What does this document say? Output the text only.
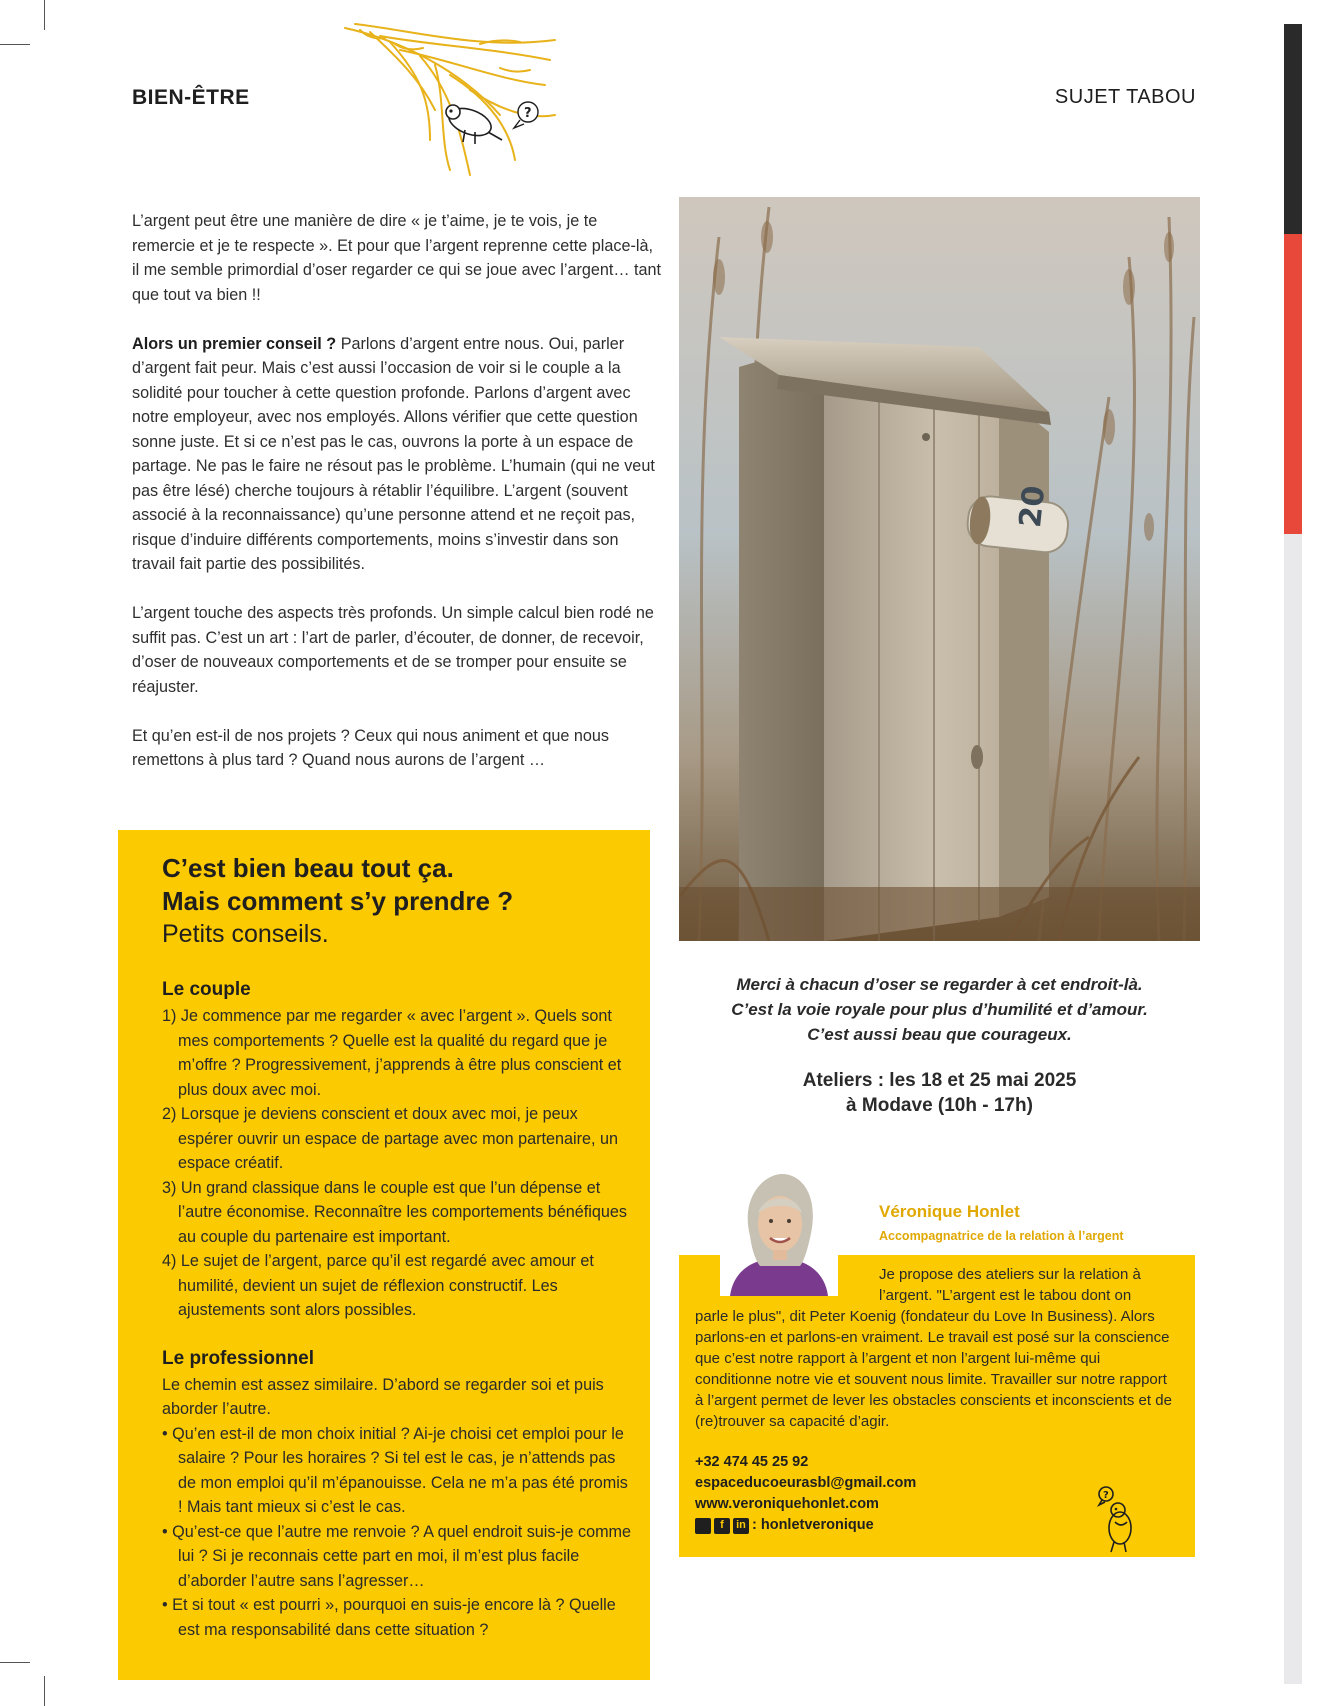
BIEN-ÊTRE	SUJET TABOU
?

L’argent peut être une manière de dire « je t’aime, je te vois, je te remercie et je te respecte ». Et pour que l’argent reprenne cette place-là, il me semble primordial d’oser regarder ce qui se joue avec l’argent… tant que tout va bien !!

Alors un premier conseil ? Parlons d’argent entre nous. Oui, parler d’argent fait peur. Mais c’est aussi l’occasion de voir si le couple a la solidité pour toucher à cette question profonde. Parlons d’argent avec notre employeur, avec nos employés. Allons vérifier que cette question sonne juste. Et si ce n’est pas le cas, ouvrons la porte à un espace de partage. Ne pas le faire ne résout pas le problème. L’humain (qui ne veut pas être lésé) cherche toujours à rétablir l’équilibre. L’argent (souvent associé à la reconnaissance) qu’une personne attend et ne reçoit pas, risque d’induire différents comportements, moins s’investir dans son travail fait partie des possibilités.

L’argent touche des aspects très profonds. Un simple calcul bien rodé ne suffit pas. C’est un art : l’art de parler, d’écouter, de donner, de recevoir, d’oser de nouveaux comportements et de se tromper pour ensuite se réajuster.

Et qu’en est-il de nos projets ? Ceux qui nous animent et que nous remettons à plus tard ? Quand nous aurons de l’argent …

20

C’est bien beau tout ça.

Mais comment s’y prendre ?

Petits conseils.

Le couple

1) Je commence par me regarder « avec l’argent ». Quels sont mes comportements ? Quelle est la qualité du regard que je m’offre ? Progressivement, j’apprends à être plus conscient et plus doux avec moi.
2) Lorsque je deviens conscient et doux avec moi, je peux espérer ouvrir un espace de partage avec mon partenaire, un espace créatif.
3) Un grand classique dans le couple est que l’un dépense et l’autre économise. Reconnaître les comportements bénéfiques au couple du partenaire est important.
4) Le sujet de l’argent, parce qu’il est regardé avec amour et humilité, devient un sujet de réflexion constructif. Les ajustements sont alors possibles.

Le professionnel

Le chemin est assez similaire. D’abord se regarder soi et puis aborder l’autre.

• Qu’en est-il de mon choix initial ? Ai-je choisi cet emploi pour le salaire ? Pour les horaires ? Si tel est le cas, je n’attends pas de mon emploi qu’il m’épanouisse. Cela ne m’a pas été promis ! Mais tant mieux si c’est le cas.
• Qu’est-ce que l’autre me renvoie ? A quel endroit suis-je comme lui ? Si je reconnais cette part en moi, il m’est plus facile d’aborder l’autre sans l’agresser…
• Et si tout « est pourri », pourquoi en suis-je encore là ? Quelle est ma responsabilité dans cette situation ?
Merci à chacun d’oser se regarder à cet endroit-là.
C’est la voie royale pour plus d’humilité et d’amour.
C’est aussi beau que courageux.
Ateliers : les 18 et 25 mai 2025
à Modave (10h - 17h)
Véronique Honlet
Accompagnatrice de la relation à l’argent
Je propose des ateliers sur la relation à l’argent. "L’argent est le tabou dont on
parle le plus", dit Peter Koenig (fondateur du Love In Business). Alors parlons-en et parlons-en vraiment. Le travail est posé sur la conscience que c’est notre rapport à l’argent et non l’argent lui-même qui conditionne notre vie et souvent nous limite. Travailler sur notre rapport à l’argent permet de lever les obstacles conscients et inconscients et de (re)trouver sa capacité d’agir.
+32 474 45 25 92
espaceducoeurasbl@gmail.com
www.veroniquehonlet.com
f	in : honletveronique
?
